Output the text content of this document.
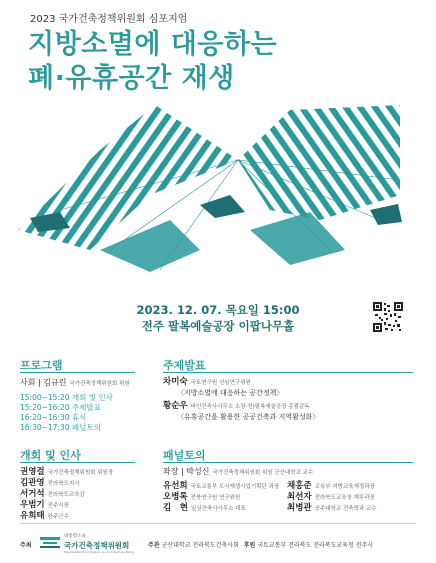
2023 국가건축정책위원회 심포지엄
지방소멸에 대응하는
폐·유휴공간 재생
2023. 12. 07. 목요일 15:00
전주 팔복예술공장 이팝나무홀
프로그램
사회 | 김규린 국가건축정책위원회 위원
15:00~15:20 개회 및 인사
15:20~16:20 주제발표
16:20~16:30 휴식
16:30~17:30 패널토의
개회 및 인사
권영걸 국가건축정책위원회 위원장
김관영 전라북도지사
서거석 전라북도교육감
우범기 전주시장
유희태 완주군수
주제발표
차미숙 국토연구원 선임연구위원
〈지방소멸에 대응하는 공간정책〉
황순우 바인건축사사무소 소장·전)팔복예술공장 총괄감독
〈유휴공간을 활용한 공공건축과 지역활성화〉
패널토의
좌장 | 박성신 국가건축정책위원회 위원 군산대학교 교수
유선희 국토교통부 도시재생사업기획단 과장
오병록 전북연구원 연구위원
김　현 일상건축사사무소 대표
채홍준 교육부 지방교육재정과장
최선자 전라북도교육청 재무과장
최병관 공주대학교 건축학과 교수
주최
대통령소속
국가건축정책위원회
Presidential Commission on Architecture Policy
주관 군산대학교 전라북도건축사회 후원 국토교통부 전라북도 전라북도교육청 전주시
